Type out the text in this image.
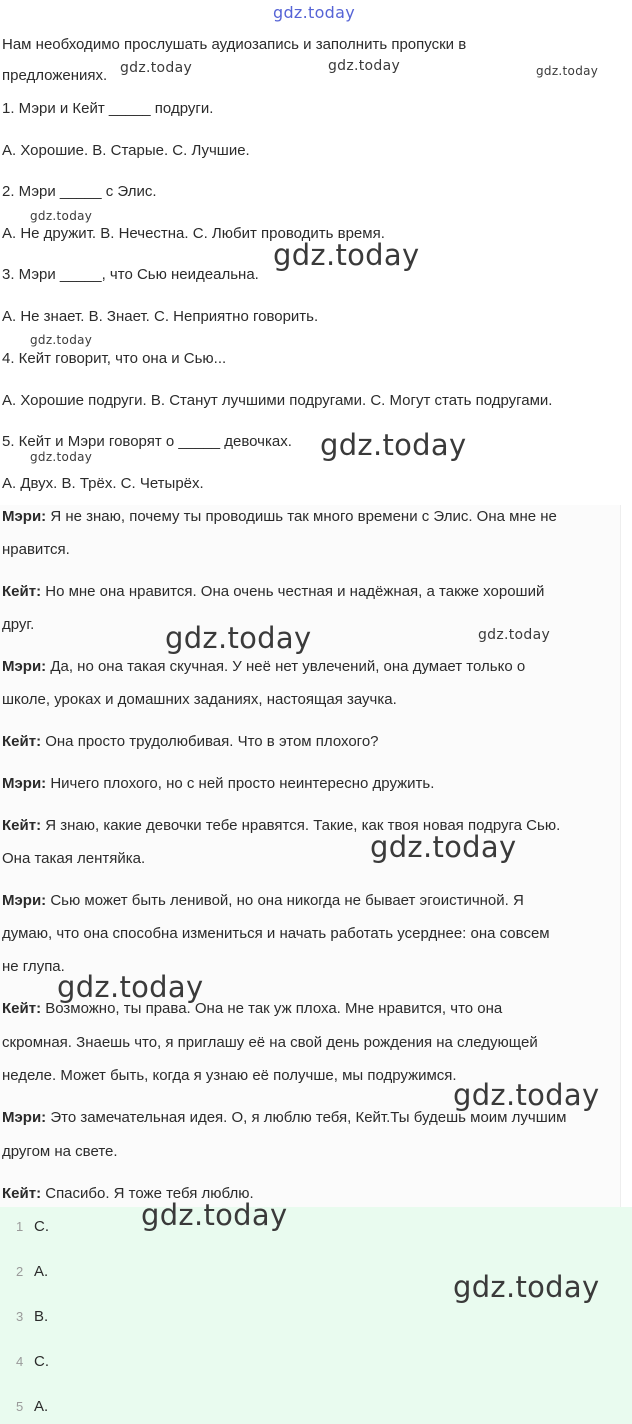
Нам необходимо прослушать аудиозапись и заполнить пропуски в
предложениях.
1. Мэри и Кейт _____ подруги.
A. Хорошие. B. Старые. C. Лучшие.
2. Мэри _____ с Элис.
A. Не дружит. B. Нечестна. C. Любит проводить время.
3. Мэри _____, что Сью неидеальна.
A. Не знает. B. Знает. C. Неприятно говорить.
4. Кейт говорит, что она и Сью...
A. Хорошие подруги. B. Станут лучшими подругами. C. Могут стать подругами.
5. Кейт и Мэри говорят о _____ девочках.
A. Двух. B. Трёх. C. Четырёх.
Мэри: Я не знаю, почему ты проводишь так много времени с Элис. Она мне не
нравится.
Кейт: Но мне она нравится. Она очень честная и надёжная, а также хороший
друг.
Мэри: Да, но она такая скучная. У неё нет увлечений, она думает только о
школе, уроках и домашних заданиях, настоящая заучка.
Кейт: Она просто трудолюбивая. Что в этом плохого?
Мэри: Ничего плохого, но с ней просто неинтересно дружить.
Кейт: Я знаю, какие девочки тебе нравятся. Такие, как твоя новая подруга Сью.
Она такая лентяйка.
Мэри: Сью может быть ленивой, но она никогда не бывает эгоистичной. Я
думаю, что она способна измениться и начать работать усерднее: она совсем
не глупа.
Кейт: Возможно, ты права. Она не так уж плоха. Мне нравится, что она
скромная. Знаешь что, я приглашу её на свой день рождения на следующей
неделе. Может быть, когда я узнаю её получше, мы подружимся.
Мэри: Это замечательная идея. О, я люблю тебя, Кейт.Ты будешь моим лучшим
другом на свете.
Кейт: Спасибо. Я тоже тебя люблю.
1 C.
2 A.
3 B.
4 C.
5 A.
gdz.today
gdz.today	gdz.today	gdz.today
gdz.today
gdz.today
gdz.today
gdz.today
gdz.today
gdz.today	gdz.today
gdz.today
gdz.today
gdz.today
gdz.today
gdz.today
